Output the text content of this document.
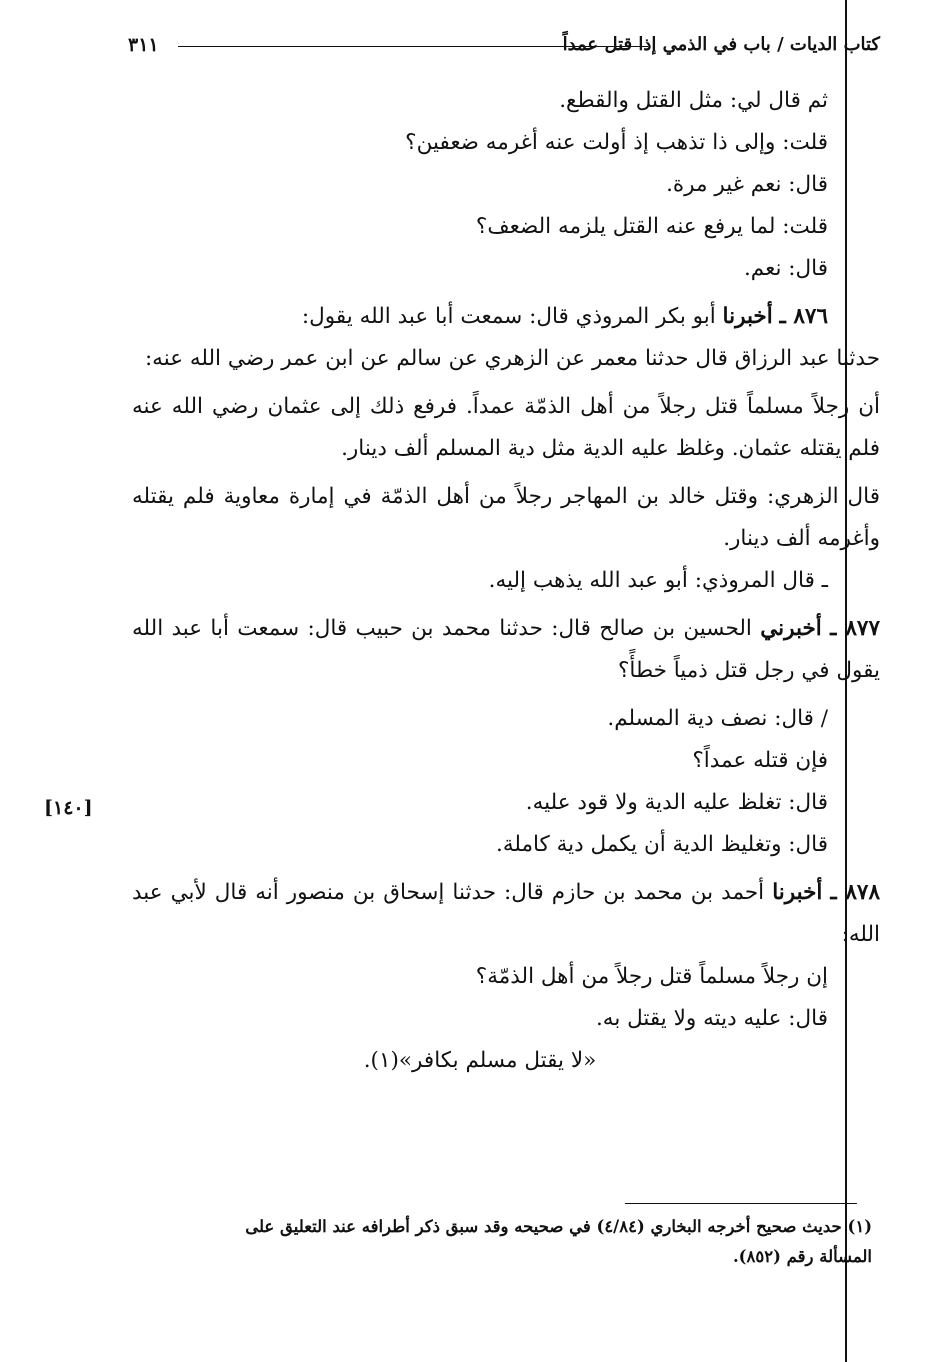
٣١١	كتاب الديات / باب في الذمي إذا قتل عمداً
[١٤٠]

ثم قال لي: مثل القتل والقطع.

قلت: وإلى ذا تذهب إذ أولت عنه أغرمه ضعفين؟

قال: نعم غير مرة.

قلت: لما يرفع عنه القتل يلزمه الضعف؟

قال: نعم.

٨٧٦ ـ أخبرنا أبو بكر المروذي قال: سمعت أبا عبد الله يقول:

حدثنا عبد الرزاق قال حدثنا معمر عن الزهري عن سالم عن ابن عمر رضي الله عنه:

أن رجلاً مسلماً قتل رجلاً من أهل الذمّة عمداً. فرفع ذلك إلى عثمان رضي الله عنه فلم يقتله عثمان. وغلظ عليه الدية مثل دية المسلم ألف دينار.

قال الزهري: وقتل خالد بن المهاجر رجلاً من أهل الذمّة في إمارة معاوية فلم يقتله وأغرمه ألف دينار.

ـ قال المروذي: أبو عبد الله يذهب إليه.

٨٧٧ ـ أخبرني الحسين بن صالح قال: حدثنا محمد بن حبيب قال: سمعت أبا عبد الله يقول في رجل قتل ذمياً خطأً؟

/ قال: نصف دية المسلم.

فإن قتله عمداً؟

قال: تغلظ عليه الدية ولا قود عليه.

قال: وتغليظ الدية أن يكمل دية كاملة.

٨٧٨ ـ أخبرنا أحمد بن محمد بن حازم قال: حدثنا إسحاق بن منصور أنه قال لأبي عبد الله:

إن رجلاً مسلماً قتل رجلاً من أهل الذمّة؟

قال: عليه ديته ولا يقتل به.

«لا يقتل مسلم بكافر»(١).

(١) حديث صحيح أخرجه البخاري (٤/٨٤) في صحيحه وقد سبق ذكر أطرافه عند التعليق على

المسألة رقم (٨٥٢).
